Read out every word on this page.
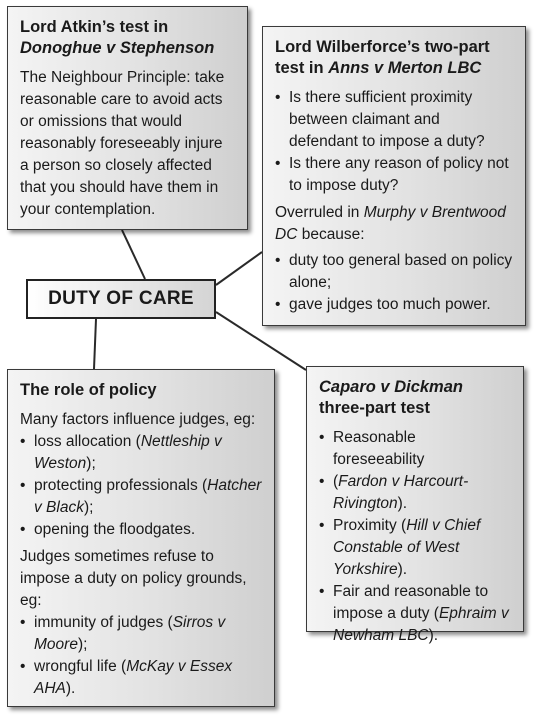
Lord Atkin’s test in
Donoghue v Stephenson
The Neighbour Principle: take reasonable care to avoid acts or omissions that would reasonably foreseeably injure a person so closely affected that you should have them in your contemplation.
Lord Wilberforce’s two-part
test in Anns v Merton LBC
• Is there sufficient proximity between claimant and defendant to impose a duty?
• Is there any reason of policy not to impose duty?
Overruled in Murphy v Brentwood DC because:
• duty too general based on policy alone;
• gave judges too much power.
DUTY OF CARE
The role of policy
Many factors influence judges, eg:
• loss allocation (Nettleship v Weston);
• protecting professionals (Hatcher v Black);
• opening the floodgates.
Judges sometimes refuse to impose a duty on policy grounds, eg:
• immunity of judges (Sirros v Moore);
• wrongful life (McKay v Essex AHA).
Caparo v Dickman
three-part test
• Reasonable foreseeability
• (Fardon v Harcourt-Rivington).
• Proximity (Hill v Chief Constable of West Yorkshire).
• Fair and reasonable to impose a duty (Ephraim v Newham LBC).
